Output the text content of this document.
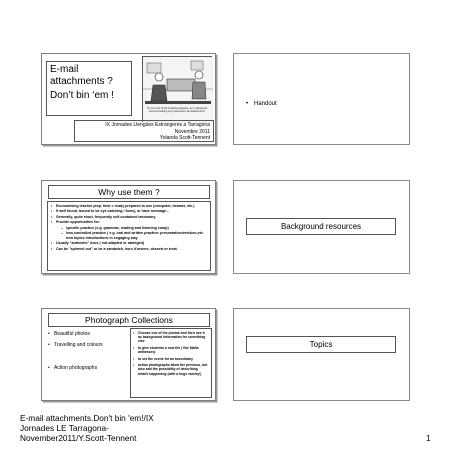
E-mail
attachments ?
Don’t bin ‘em !
I'm not sure of the emailing etiquette, am I allowed to send something very personal in an attachment?
IX Jornades Llengües Estrangeres a Tarragona
Novembre 2011
Yolanda Scott-Tennent
• Handout
Why use them ?
•	Economising teacher prep. time = ready prepared to use (computer, beamer, etc.)
•	If well found, bound to be eye-catching / funny, or have message...
•	Generally, quite short, frequently self-contained taxonomy.
•	Provide opportunities for:
– specific practice (e.g. grammar, reading and listening comp)
– less controlled practice ( e.g. oral and written practice: presentation/revision,etc. new topics introductions in engaging way.
•	Usually "authentic" docs ( not adapted or abridged)
•	Can be "spinned out" or be a sandwich, hors d'oeuvre, dessert or treat.
Background resources
Photograph Collections
• Beautiful photos
• Travelling and colours
• Action photographs
•	Choose one of the photos and then use it as background information for something else
•	to give students a new life ( like Mafia witnesses)
•	to set the scene for an anecdotary
•	action photographs allow the previous, but also add the possibility of describing what's happening (with a huge variety!)
Topics
E-mail attachments.Don't bin 'em!/IX
Jornades LE Tarragona-
November2011/Y.Scott-Tennent	1
